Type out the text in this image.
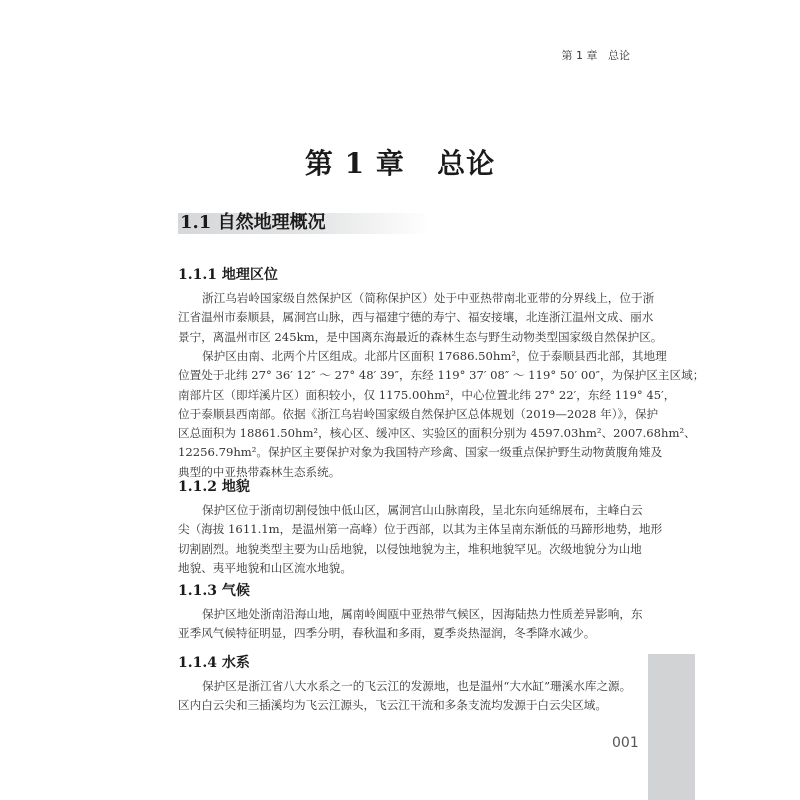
第 1 章   总论
第 1 章   总论
1.1 自然地理概况
1.1.1 地理区位
浙江乌岩岭国家级自然保护区（简称保护区）处于中亚热带南北亚带的分界线上，位于浙
江省温州市泰顺县，属洞宫山脉，西与福建宁德的寿宁、福安接壤，北连浙江温州文成、丽水
景宁，离温州市区 245km，是中国离东海最近的森林生态与野生动物类型国家级自然保护区。
保护区由南、北两个片区组成。北部片区面积 17686.50hm²，位于泰顺县西北部，其地理
位置处于北纬 27° 36′ 12″ ～ 27° 48′ 39″，东经 119° 37′ 08″ ～ 119° 50′ 00″，为保护区主区域；
南部片区（即垟溪片区）面积较小，仅 1175.00hm²，中心位置北纬 27° 22′，东经 119° 45′，
位于泰顺县西南部。依据《浙江乌岩岭国家级自然保护区总体规划（2019—2028 年）》，保护
区总面积为 18861.50hm²，核心区、缓冲区、实验区的面积分别为 4597.03hm²、2007.68hm²、
12256.79hm²。保护区主要保护对象为我国特产珍禽、国家一级重点保护野生动物黄腹角雉及
典型的中亚热带森林生态系统。
1.1.2 地貌
保护区位于浙南切割侵蚀中低山区，属洞宫山山脉南段，呈北东向延绵展布，主峰白云
尖（海拔 1611.1m，是温州第一高峰）位于西部，以其为主体呈南东渐低的马蹄形地势，地形
切割剧烈。地貌类型主要为山岳地貌，以侵蚀地貌为主，堆积地貌罕见。次级地貌分为山地
地貌、夷平地貌和山区流水地貌。
1.1.3 气候
保护区地处浙南沿海山地，属南岭闽瓯中亚热带气候区，因海陆热力性质差异影响，东
亚季风气候特征明显，四季分明，春秋温和多雨，夏季炎热湿润，冬季降水减少。
1.1.4 水系
保护区是浙江省八大水系之一的飞云江的发源地，也是温州“大水缸”珊溪水库之源。
区内白云尖和三插溪均为飞云江源头，飞云江干流和多条支流均发源于白云尖区域。
001
